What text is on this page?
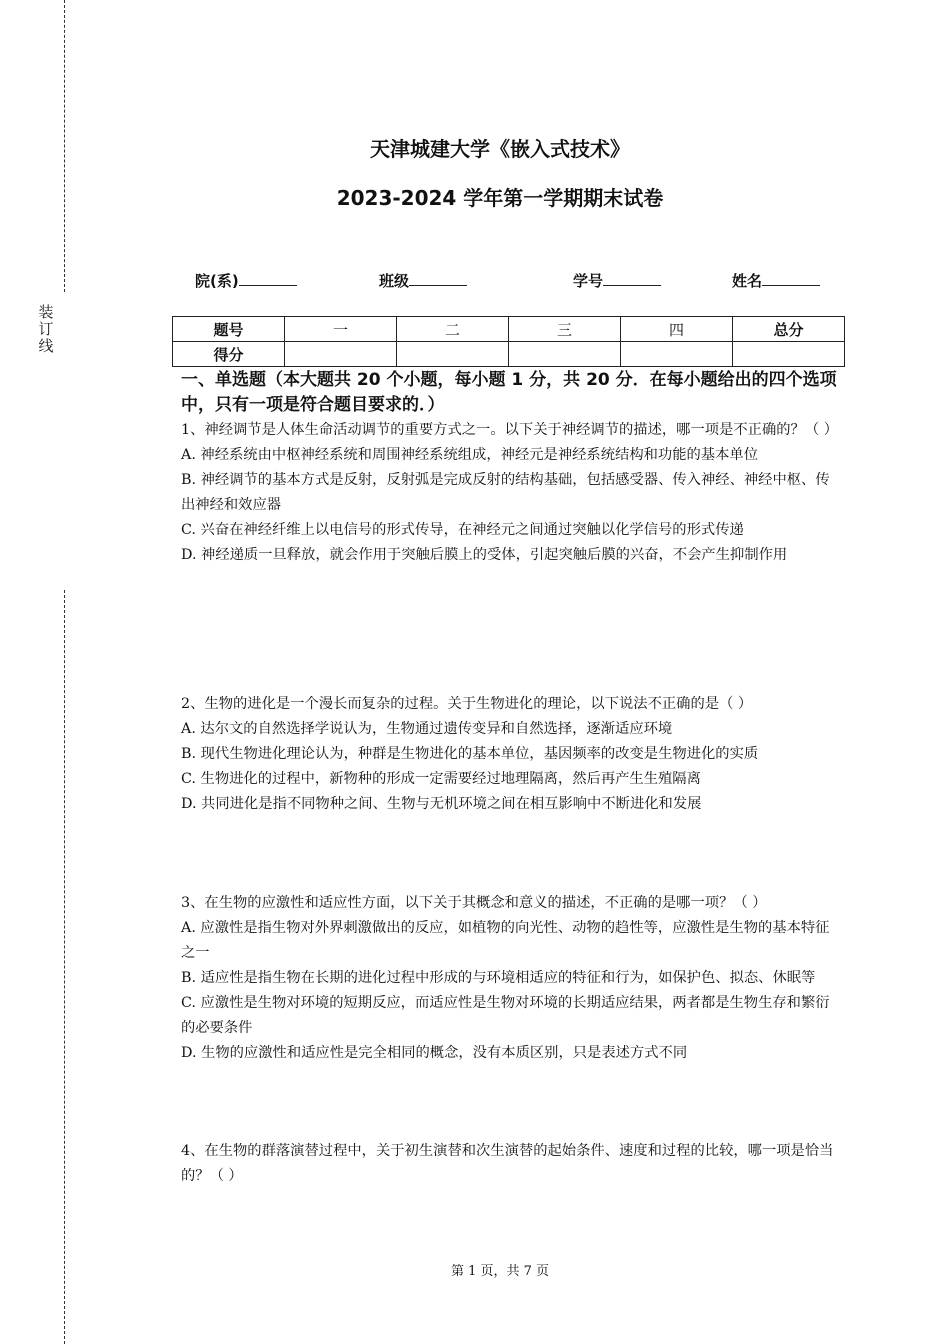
装
订
线
天津城建大学《嵌入式技术》
2023-2024 学年第一学期期末试卷
院(系)	班级	学号	姓名
题号	一	二	三	四	总分
得分					
一、单选题（本大题共 20 个小题，每小题 1 分，共 20 分．在每小题给出的四个选项中，只有一项是符合题目要求的．）
1、神经调节是人体生命活动调节的重要方式之一。以下关于神经调节的描述，哪一项是不正确的？（ ）
A. 神经系统由中枢神经系统和周围神经系统组成，神经元是神经系统结构和功能的基本单位
B. 神经调节的基本方式是反射，反射弧是完成反射的结构基础，包括感受器、传入神经、神经中枢、传出神经和效应器
C. 兴奋在神经纤维上以电信号的形式传导，在神经元之间通过突触以化学信号的形式传递
D. 神经递质一旦释放，就会作用于突触后膜上的受体，引起突触后膜的兴奋，不会产生抑制作用
2、生物的进化是一个漫长而复杂的过程。关于生物进化的理论，以下说法不正确的是（ ）
A. 达尔文的自然选择学说认为，生物通过遗传变异和自然选择，逐渐适应环境
B. 现代生物进化理论认为，种群是生物进化的基本单位，基因频率的改变是生物进化的实质
C. 生物进化的过程中，新物种的形成一定需要经过地理隔离，然后再产生生殖隔离
D. 共同进化是指不同物种之间、生物与无机环境之间在相互影响中不断进化和发展
3、在生物的应激性和适应性方面，以下关于其概念和意义的描述，不正确的是哪一项？（ ）
A. 应激性是指生物对外界刺激做出的反应，如植物的向光性、动物的趋性等，应激性是生物的基本特征之一
B. 适应性是指生物在长期的进化过程中形成的与环境相适应的特征和行为，如保护色、拟态、休眠等
C. 应激性是生物对环境的短期反应，而适应性是生物对环境的长期适应结果，两者都是生物生存和繁衍的必要条件
D. 生物的应激性和适应性是完全相同的概念，没有本质区别，只是表述方式不同
4、在生物的群落演替过程中，关于初生演替和次生演替的起始条件、速度和过程的比较，哪一项是恰当的？（ ）
第 1 页，共 7 页
